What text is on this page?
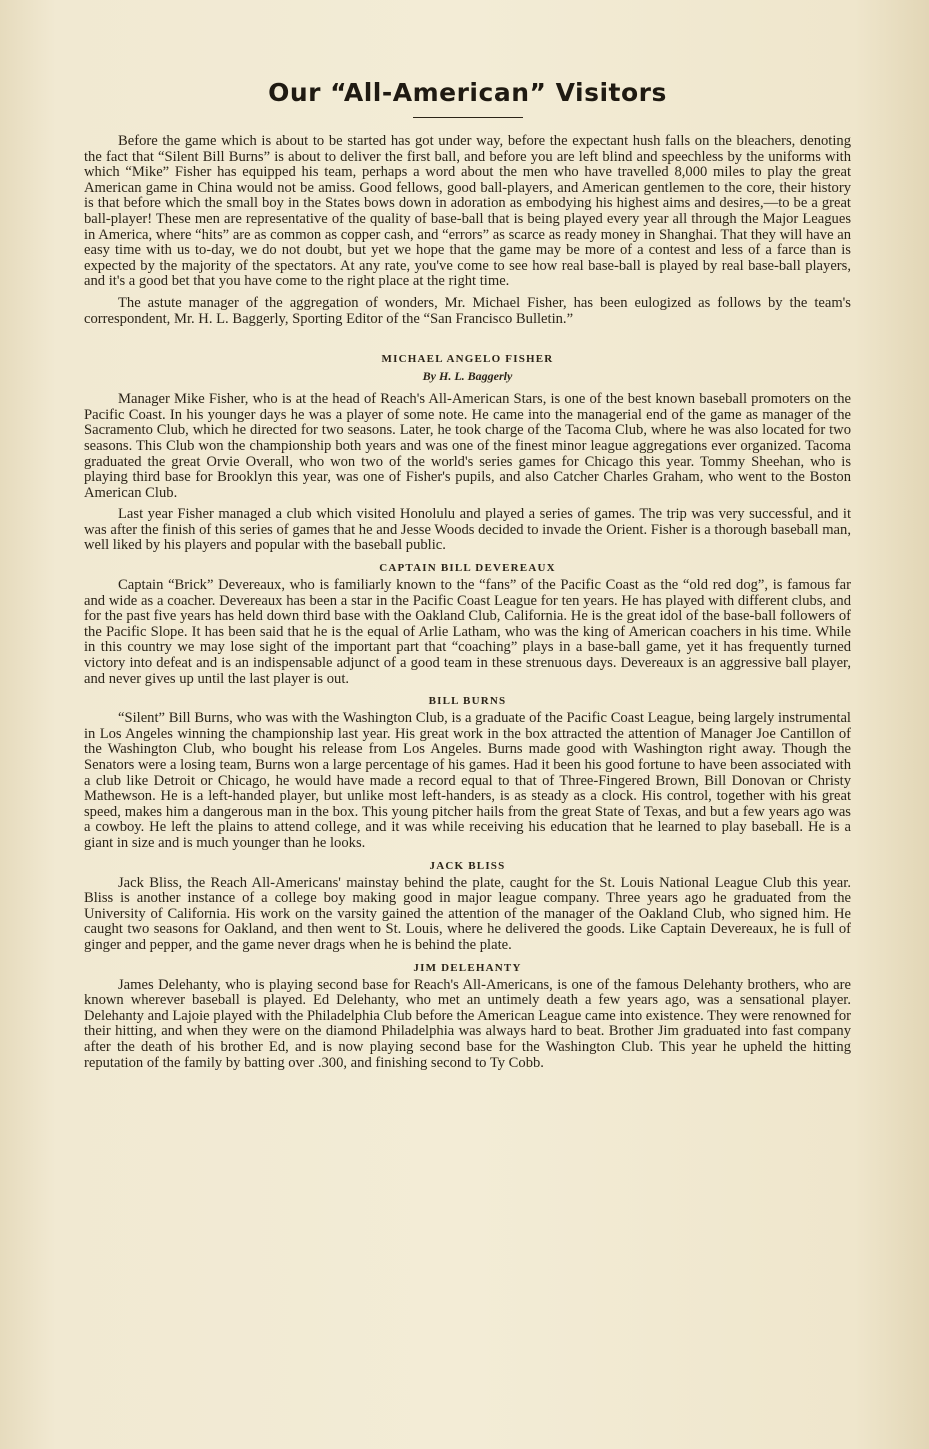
Our “All-American” Visitors

Before the game which is about to be started has got under way, before the expectant hush falls on the bleachers, denoting the fact that “Silent Bill Burns” is about to deliver the first ball, and before you are left blind and speechless by the uniforms with which “Mike” Fisher has equipped his team, perhaps a word about the men who have travelled 8,000 miles to play the great American game in China would not be amiss. Good fellows, good ball-players, and American gentlemen to the core, their history is that before which the small boy in the States bows down in adoration as embodying his highest aims and desires,—to be a great ball-player! These men are representative of the quality of base-ball that is being played every year all through the Major Leagues in America, where “hits” are as common as copper cash, and “errors” as scarce as ready money in Shanghai. That they will have an easy time with us to-day, we do not doubt, but yet we hope that the game may be more of a contest and less of a farce than is expected by the majority of the spectators. At any rate, you've come to see how real base-ball is played by real base-ball players, and it's a good bet that you have come to the right place at the right time.

The astute manager of the aggregation of wonders, Mr. Michael Fisher, has been eulogized as follows by the team's correspondent, Mr. H. L. Baggerly, Sporting Editor of the “San Francisco Bulletin.”

MICHAEL ANGELO FISHER
By H. L. Baggerly

Manager Mike Fisher, who is at the head of Reach's All-American Stars, is one of the best known baseball promoters on the Pacific Coast. In his younger days he was a player of some note. He came into the managerial end of the game as manager of the Sacramento Club, which he directed for two seasons. Later, he took charge of the Tacoma Club, where he was also located for two seasons. This Club won the championship both years and was one of the finest minor league aggregations ever organized. Tacoma graduated the great Orvie Overall, who won two of the world's series games for Chicago this year. Tommy Sheehan, who is playing third base for Brooklyn this year, was one of Fisher's pupils, and also Catcher Charles Graham, who went to the Boston American Club.

Last year Fisher managed a club which visited Honolulu and played a series of games. The trip was very successful, and it was after the finish of this series of games that he and Jesse Woods decided to invade the Orient. Fisher is a thorough baseball man, well liked by his players and popular with the baseball public.

CAPTAIN BILL DEVEREAUX

Captain “Brick” Devereaux, who is familiarly known to the “fans” of the Pacific Coast as the “old red dog”, is famous far and wide as a coacher. Devereaux has been a star in the Pacific Coast League for ten years. He has played with different clubs, and for the past five years has held down third base with the Oakland Club, California. He is the great idol of the base-ball followers of the Pacific Slope. It has been said that he is the equal of Arlie Latham, who was the king of American coachers in his time. While in this country we may lose sight of the important part that “coaching” plays in a base-ball game, yet it has frequently turned victory into defeat and is an indispensable adjunct of a good team in these strenuous days. Devereaux is an aggressive ball player, and never gives up until the last player is out.

BILL BURNS

“Silent” Bill Burns, who was with the Washington Club, is a graduate of the Pacific Coast League, being largely instrumental in Los Angeles winning the championship last year. His great work in the box attracted the attention of Manager Joe Cantillon of the Washington Club, who bought his release from Los Angeles. Burns made good with Washington right away. Though the Senators were a losing team, Burns won a large percentage of his games. Had it been his good fortune to have been associated with a club like Detroit or Chicago, he would have made a record equal to that of Three-Fingered Brown, Bill Donovan or Christy Mathewson. He is a left-handed player, but unlike most left-handers, is as steady as a clock. His control, together with his great speed, makes him a dangerous man in the box. This young pitcher hails from the great State of Texas, and but a few years ago was a cowboy. He left the plains to attend college, and it was while receiving his education that he learned to play baseball. He is a giant in size and is much younger than he looks.

JACK BLISS

Jack Bliss, the Reach All-Americans' mainstay behind the plate, caught for the St. Louis National League Club this year. Bliss is another instance of a college boy making good in major league company. Three years ago he graduated from the University of California. His work on the varsity gained the attention of the manager of the Oakland Club, who signed him. He caught two seasons for Oakland, and then went to St. Louis, where he delivered the goods. Like Captain Devereaux, he is full of ginger and pepper, and the game never drags when he is behind the plate.

JIM DELEHANTY

James Delehanty, who is playing second base for Reach's All-Americans, is one of the famous Delehanty brothers, who are known wherever baseball is played. Ed Delehanty, who met an untimely death a few years ago, was a sensational player. Delehanty and Lajoie played with the Philadelphia Club before the American League came into existence. They were renowned for their hitting, and when they were on the diamond Philadelphia was always hard to beat. Brother Jim graduated into fast company after the death of his brother Ed, and is now playing second base for the Washington Club. This year he upheld the hitting reputation of the family by batting over .300, and finishing second to Ty Cobb.
